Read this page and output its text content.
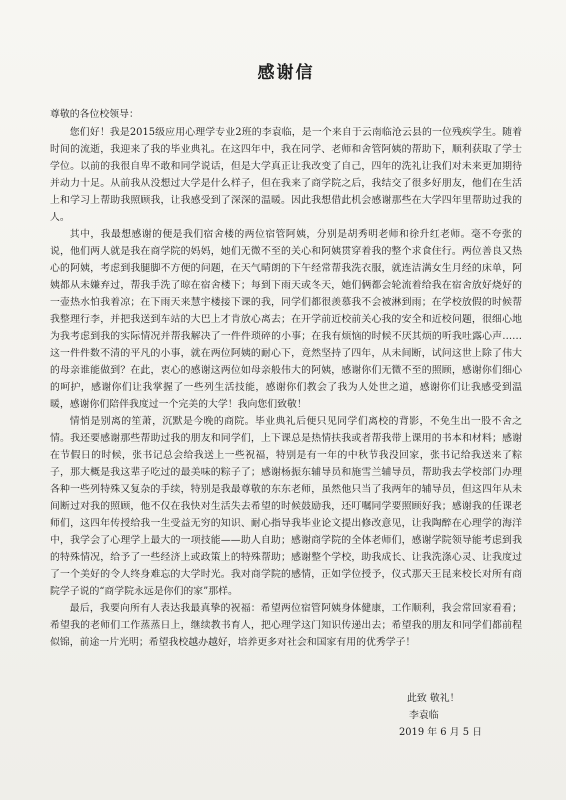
感谢信
尊敬的各位校领导：

您们好！我是2015级应用心理学专业2班的李袁临，是一个来自于云南临沧云县的一位残疾学生。随着时间的流逝，我迎来了我的毕业典礼。在这四年中，我在同学、老师和舍管阿姨的帮助下，顺利获取了学士学位。以前的我很自卑不敢和同学说话，但是大学真正让我改变了自己，四年的洗礼让我们对未来更加期待并动力十足。从前我从没想过大学是什么样子，但在我来了商学院之后，我结交了很多好朋友，他们在生活上和学习上帮助我照顾我，让我感受到了深深的温暖。因此我想借此机会感谢那些在大学四年里帮助过我的人。

其中，我最想感谢的便是我们宿舍楼的两位宿管阿姨，分别是胡秀明老师和徐升红老师。毫不夸张的说，他们两人就是我在商学院的妈妈，她们无微不至的关心和阿姨贯穿着我的整个求食住行。两位善良又热心的阿姨，考虑到我腿脚不方便的问题，在天气晴朗的下午经常帮我洗衣服，就连洁满女生月经的床单，阿姨都从未嫌弃过，帮我手洗了晾在宿舍楼下；每到下雨天或冬天，她们俩都会轮流着给我在宿舍放好烧好的一壶热水怕我着凉；在下雨天来慧宇楼接下课的我，同学们都很羡慕我不会被淋到雨；在学校放假的时候帮我整理行李，并把我送到车站的大巴上才肯放心离去；在开学前近校前关心我的安全和近校问题，很细心地为我考虑到我的实际情况并帮我解决了一件件琐碎的小事；在我有烦恼的时候不厌其烦的听我吐露心声……这一件件数不清的平凡的小事，就在两位阿姨的耐心下，竟然坚持了四年，从未间断，试问这世上除了伟大的母亲谁能做到？在此，衷心的感谢这两位如母亲般伟大的阿姨，感谢你们无微不至的照顾，感谢你们细心的呵护，感谢你们让我掌握了一些列生活技能，感谢你们教会了我为人处世之道，感谢你们让我感受到温暖，感谢你们陪伴我度过一个完美的大学！我向您们致敬！

情悄是别离的笙萧，沉默是今晚的商院。毕业典礼后便只见同学们离校的背影，不免生出一股不舍之情。我还要感谢那些帮助过我的朋友和同学们，上下课总是热情扶我或者帮我带上课用的书本和材料；感谢在节假日的时候，张书记总会给我送上一些祝福，特别是有一年的中秋节我没回家，张书记给我送来了粽子，那大概是我这辈子吃过的最美味的粽子了；感谢杨振东辅导员和施雪兰辅导员，帮助我去学校部门办理各种一些列特殊又复杂的手续，特别是我最尊敬的东东老师，虽然他只当了我两年的辅导员，但这四年从未间断过对我的照顾，他不仅在我快对生活失去希望的时候鼓励我，还叮嘱同学要照顾好我；感谢我的任课老师们，这四年传授给我一生受益无穷的知识、耐心指导我毕业论文提出修改意见，让我陶醉在心理学的海洋中，我学会了心理学上最大的一项技能——助人自助；感谢商学院的全体老师们，感谢学院领导能考虑到我的特殊情况，给予了一些经济上或政策上的特殊帮助；感谢整个学校，助我成长、让我洗涤心灵、让我度过了一个美好的令人终身难忘的大学时光。我对商学院的感情，正如学位授予，仪式那天王昆来校长对所有商院学子说的“商学院永远是你们的家”那样。

最后，我要向所有人表达我最真挚的祝福：希望两位宿管阿姨身体健康，工作顺利，我会常回家看看；希望我的老师们工作蒸蒸日上，继续教书育人，把心理学这门知识传递出去；希望我的朋友和同学们都前程似锦，前途一片光明；希望我校越办越好，培养更多对社会和国家有用的优秀学子！

此致 敬礼！
李袁临
2019 年 6 月 5 日
